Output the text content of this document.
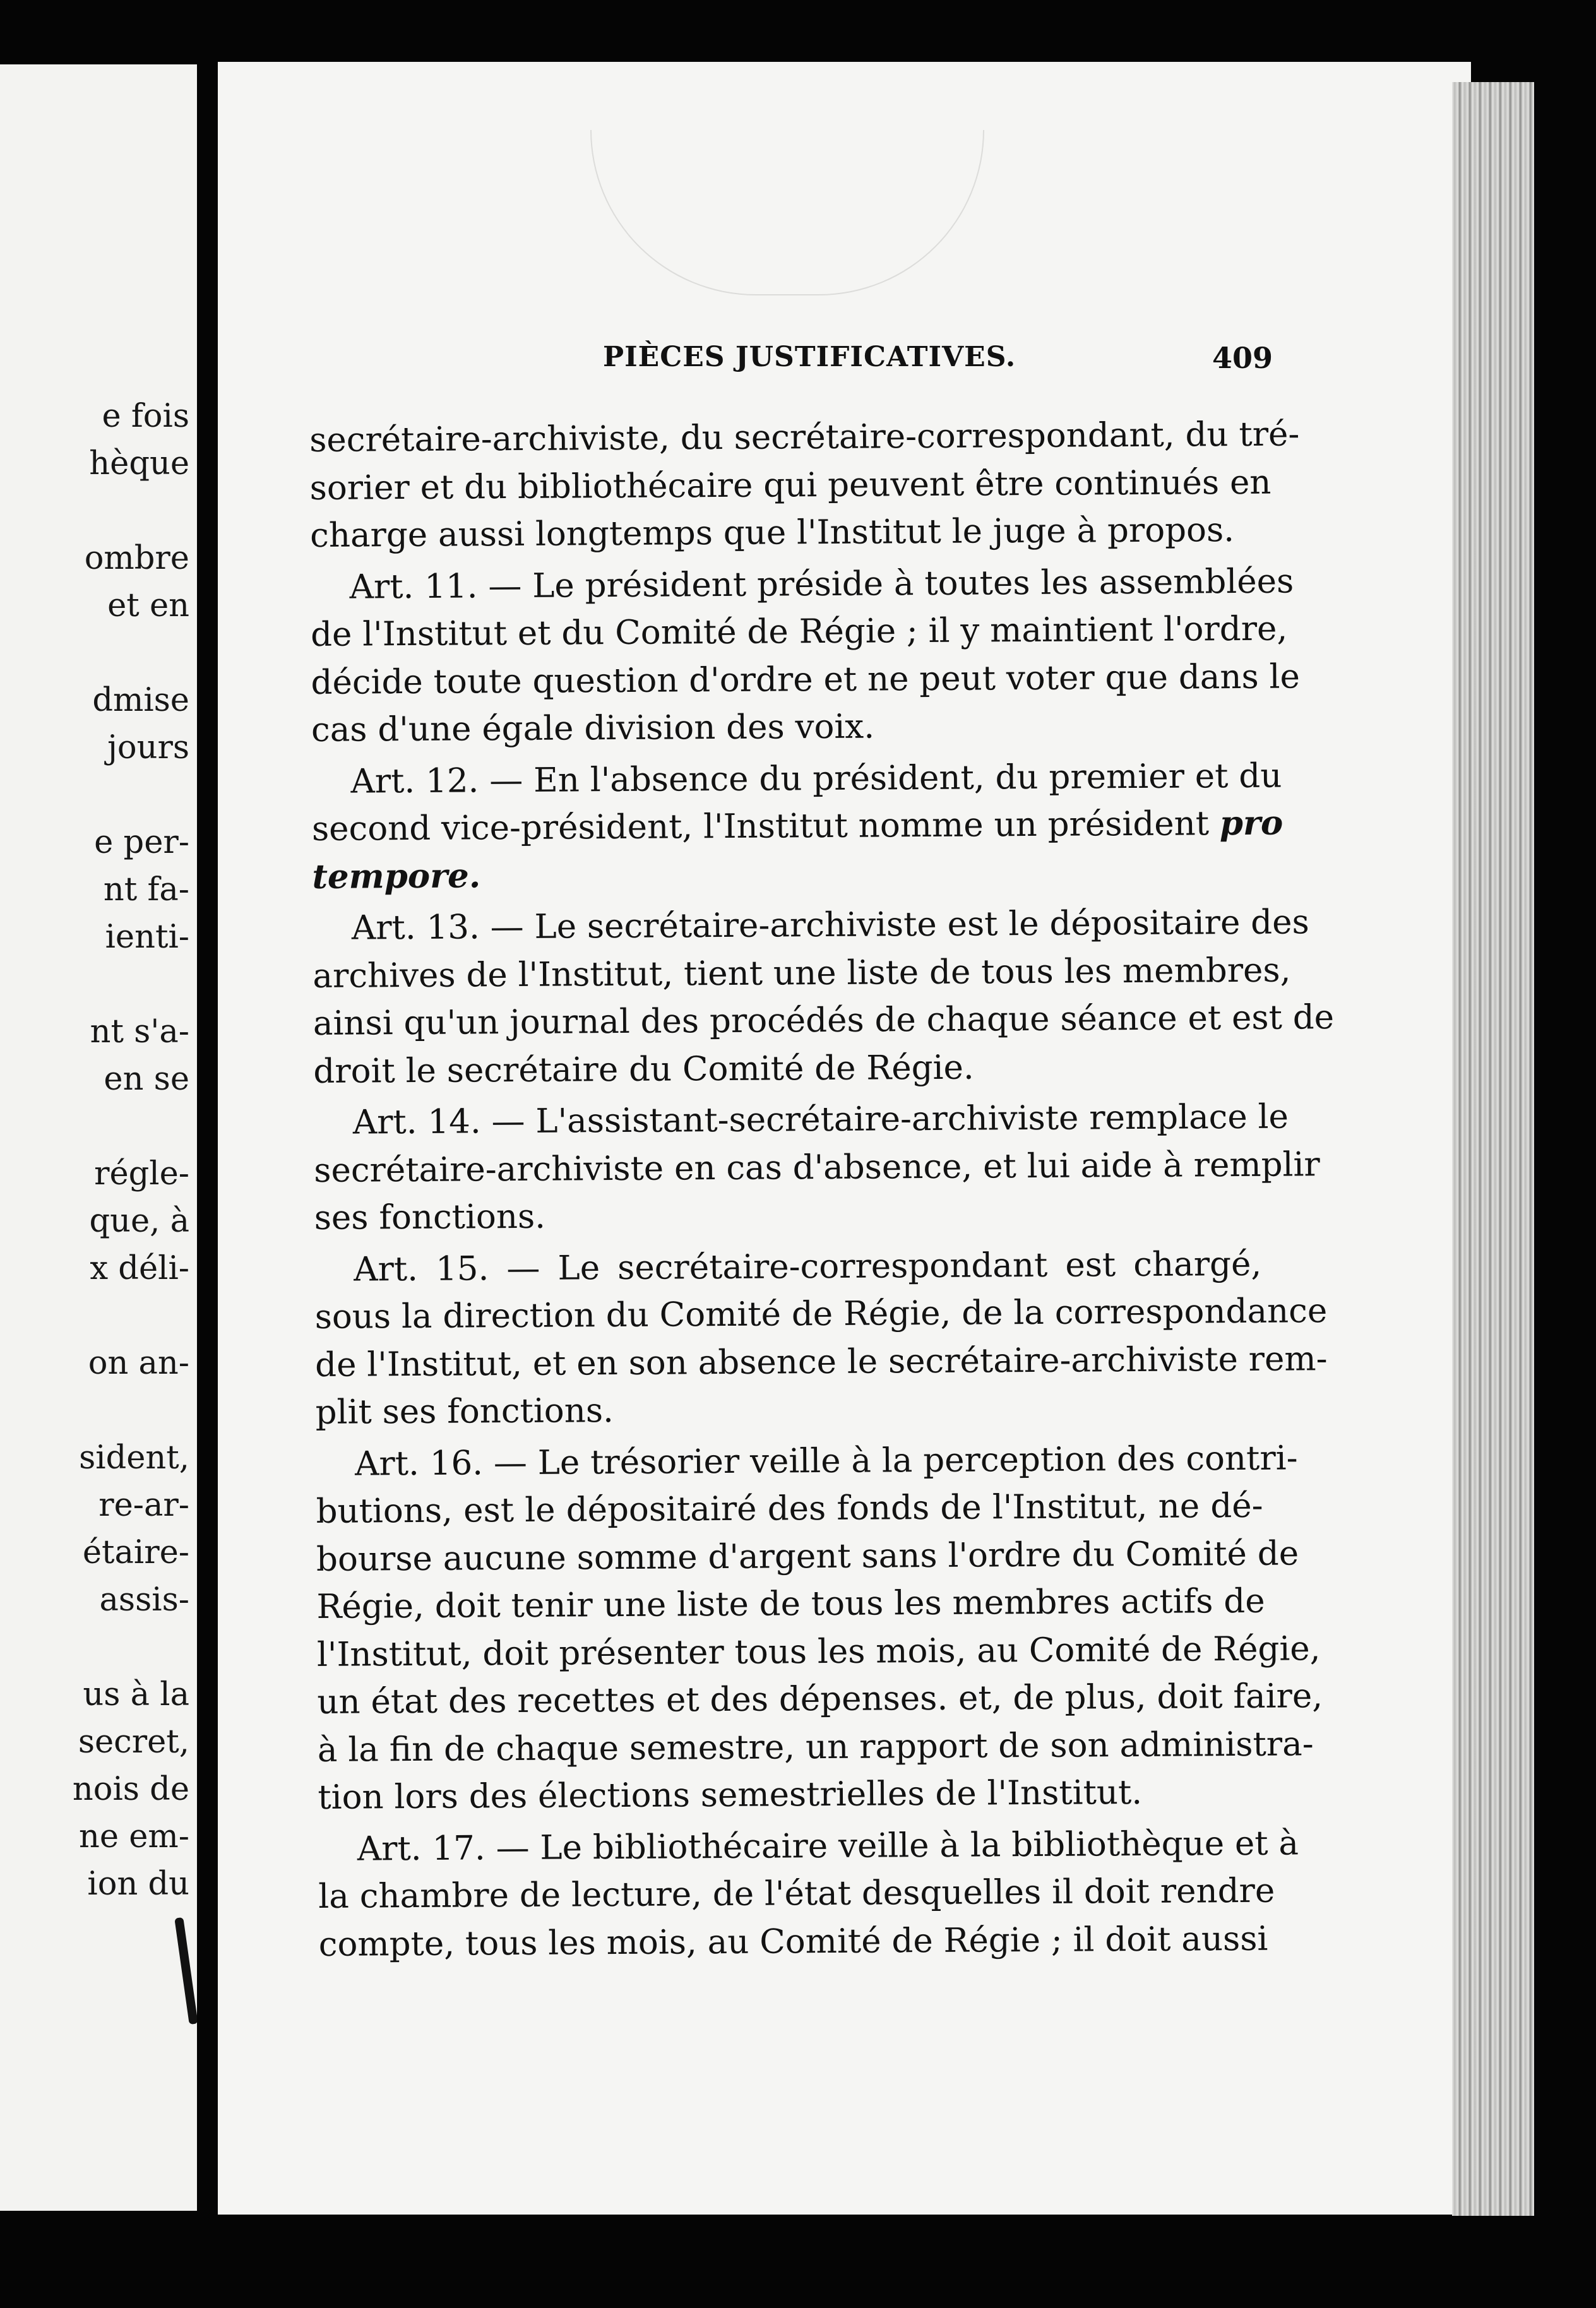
e fois
hèque
ombre
et en
dmise
jours
e per-
nt fa-
ienti-
nt s'a-
en se
régle-
que, à
x déli-
on an-
sident,
re-ar-
étaire-
assis-
us à la
secret,
nois de
ne em-
ion du
PIÈCES JUSTIFICATIVES.	409
secrétaire-archiviste, du secrétaire-correspondant, du tré-
sorier et du bibliothécaire qui peuvent être continués en
charge aussi longtemps que l'Institut le juge à propos.
Art. 11. — Le président préside à toutes les assemblées
de l'Institut et du Comité de Régie ; il y maintient l'ordre,
décide toute question d'ordre et ne peut voter que dans le
cas d'une égale division des voix.
Art. 12. — En l'absence du président, du premier et du
second vice-président, l'Institut nomme un président pro
tempore.
Art. 13. — Le secrétaire-archiviste est le dépositaire des
archives de l'Institut, tient une liste de tous les membres,
ainsi qu'un journal des procédés de chaque séance et est de
droit le secrétaire du Comité de Régie.
Art. 14. — L'assistant-secrétaire-archiviste remplace le
secrétaire-archiviste en cas d'absence, et lui aide à remplir
ses fonctions.
Art. 15. — Le secrétaire-correspondant est chargé,
sous la direction du Comité de Régie, de la correspondance
de l'Institut, et en son absence le secrétaire-archiviste rem-
plit ses fonctions.
Art. 16. — Le trésorier veille à la perception des contri-
butions, est le dépositairé des fonds de l'Institut, ne dé-
bourse aucune somme d'argent sans l'ordre du Comité de
Régie, doit tenir une liste de tous les membres actifs de
l'Institut, doit présenter tous les mois, au Comité de Régie,
un état des recettes et des dépenses. et, de plus, doit faire,
à la fin de chaque semestre, un rapport de son administra-
tion lors des élections semestrielles de l'Institut.
Art. 17. — Le bibliothécaire veille à la bibliothèque et à
la chambre de lecture, de l'état desquelles il doit rendre
compte, tous les mois, au Comité de Régie ; il doit aussi
